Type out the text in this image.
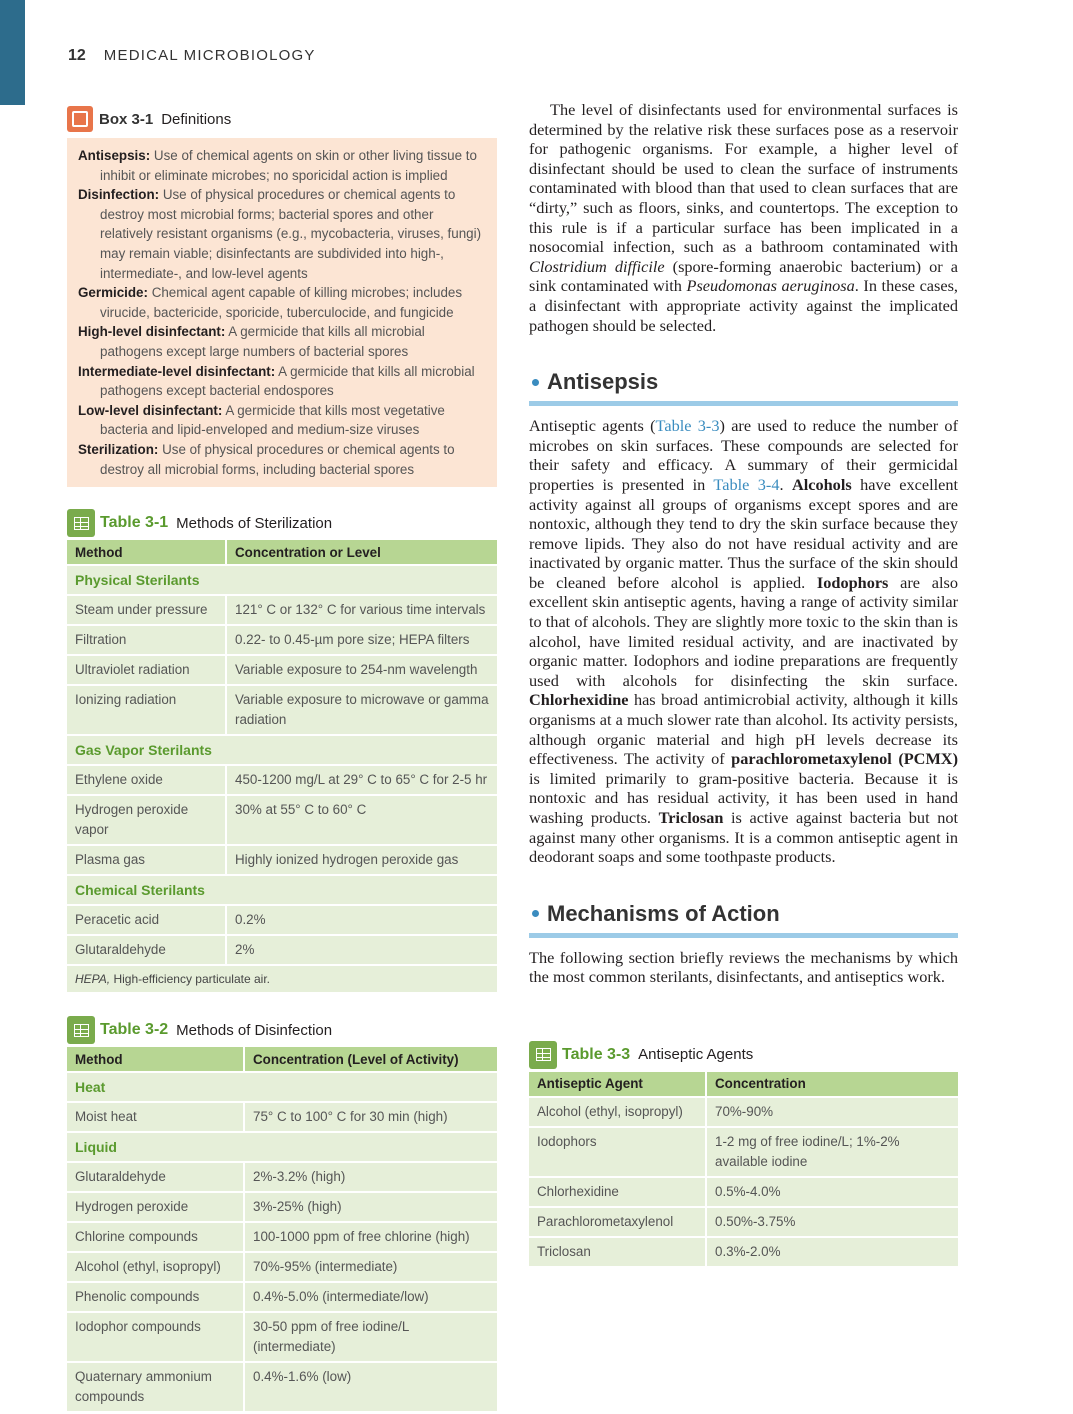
12 MEDICAL MICROBIOLOGY
Box 3-1 Definitions

Antisepsis: Use of chemical agents on skin or other living tissue to inhibit or eliminate microbes; no sporicidal action is implied

Disinfection: Use of physical procedures or chemical agents to destroy most microbial forms; bacterial spores and other relatively resistant organisms (e.g., mycobacteria, viruses, fungi) may remain viable; disinfectants are subdivided into high-, intermediate-, and low-level agents

Germicide: Chemical agent capable of killing microbes; includes virucide, bactericide, sporicide, tuberculocide, and fungicide

High-level disinfectant: A germicide that kills all microbial pathogens except large numbers of bacterial spores

Intermediate-level disinfectant: A germicide that kills all microbial pathogens except bacterial endospores

Low-level disinfectant: A germicide that kills most vegetative bacteria and lipid-enveloped and medium-size viruses

Sterilization: Use of physical procedures or chemical agents to destroy all microbial forms, including bacterial spores

Table 3-1 Methods of Sterilization
Method	Concentration or Level
Physical Sterilants	
Steam under pressure	121° C or 132° C for various time intervals
Filtration	0.22- to 0.45-µm pore size; HEPA filters
Ultraviolet radiation	Variable exposure to 254-nm wavelength
Ionizing radiation	Variable exposure to microwave or gamma radiation
Gas Vapor Sterilants	
Ethylene oxide	450-1200 mg/L at 29° C to 65° C for 2-5 hr
Hydrogen peroxide vapor	30% at 55° C to 60° C
Plasma gas	Highly ionized hydrogen peroxide gas
Chemical Sterilants	
Peracetic acid	0.2%
Glutaraldehyde	2%
HEPA, High-efficiency particulate air.	
Table 3-2 Methods of Disinfection
Method	Concentration (Level of Activity)
Heat	
Moist heat	75° C to 100° C for 30 min (high)
Liquid	
Glutaraldehyde	2%-3.2% (high)
Hydrogen peroxide	3%-25% (high)
Chlorine compounds	100-1000 ppm of free chlorine (high)
Alcohol (ethyl, isopropyl)	70%-95% (intermediate)
Phenolic compounds	0.4%-5.0% (intermediate/low)
Iodophor compounds	30-50 ppm of free iodine/L (intermediate)
Quaternary ammonium compounds	0.4%-1.6% (low)

The level of disinfectants used for environmental surfaces is determined by the relative risk these surfaces pose as a reservoir for pathogenic organisms. For example, a higher level of disinfectant should be used to clean the surface of instruments contaminated with blood than that used to clean surfaces that are “dirty,” such as floors, sinks, and countertops. The exception to this rule is if a particular surface has been implicated in a nosocomial infection, such as a bathroom contaminated with Clostridium difficile (spore-forming anaerobic bacterium) or a sink contaminated with Pseudomonas aeruginosa. In these cases, a disinfectant with appropriate activity against the implicated pathogen should be selected.

Antisepsis

Antiseptic agents (Table 3-3) are used to reduce the number of microbes on skin surfaces. These compounds are selected for their safety and efficacy. A summary of their germicidal properties is presented in Table 3-4. Alcohols have excellent activity against all groups of organisms except spores and are nontoxic, although they tend to dry the skin surface because they remove lipids. They also do not have residual activity and are inactivated by organic matter. Thus the surface of the skin should be cleaned before alcohol is applied. Iodophors are also excellent skin antiseptic agents, having a range of activity similar to that of alcohols. They are slightly more toxic to the skin than is alcohol, have limited residual activity, and are inactivated by organic matter. Iodophors and iodine preparations are frequently used with alcohols for disinfecting the skin surface. Chlorhexidine has broad antimicrobial activity, although it kills organisms at a much slower rate than alcohol. Its activity persists, although organic material and high pH levels decrease its effectiveness. The activity of parachlorometaxylenol (PCMX) is limited primarily to gram-positive bacteria. Because it is nontoxic and has residual activity, it has been used in hand washing products. Triclosan is active against bacteria but not against many other organisms. It is a common antiseptic agent in deodorant soaps and some toothpaste products.

Mechanisms of Action

The following section briefly reviews the mechanisms by which the most common sterilants, disinfectants, and antiseptics work.

Table 3-3 Antiseptic Agents
Antiseptic Agent	Concentration
Alcohol (ethyl, isopropyl)	70%-90%
Iodophors	1-2 mg of free iodine/L; 1%-2% available iodine
Chlorhexidine	0.5%-4.0%
Parachlorometaxylenol	0.50%-3.75%
Triclosan	0.3%-2.0%
